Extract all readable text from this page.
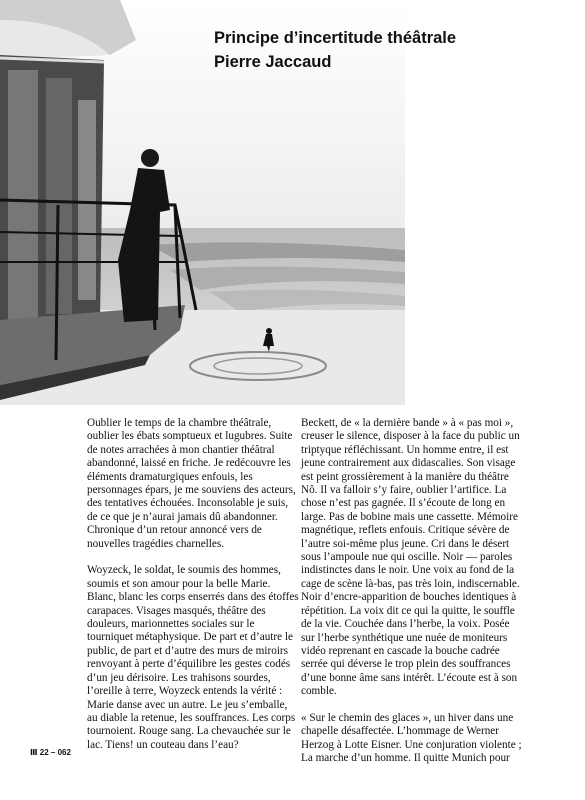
Principe d’incertitude théâtrale
Pierre Jaccaud

Oublier le temps de la chambre théâtrale, oublier les ébats somptueux et lugubres. Suite de notes arrachées à mon chantier théâtral abandonné, laissé en friche. Je redécouvre les éléments dramaturgiques enfouis, les personnages épars, je me souviens des acteurs, des tentatives échouées. Inconsolable je suis, de ce que je n’aurai jamais dû abandonner. Chronique d’un retour annoncé vers de nouvelles tragédies charnelles.

Woyzeck, le soldat, le soumis des hommes, soumis et son amour pour la belle Marie. Blanc, blanc les corps enserrés dans des étoffes carapaces. Visages masqués, théâtre des douleurs, marionnettes sociales sur le tourniquet métaphysique. De part et d’autre le public, de part et d’autre des murs de miroirs renvoyant à perte d’équilibre les gestes codés d’un jeu dérisoire. Les trahisons sourdes, l’oreille à terre, Woyzeck entends la vérité : Marie danse avec un autre. Le jeu s’emballe, au diable la retenue, les souffrances. Les corps tournoient. Rouge sang. La chevauchée sur le lac. Tiens! un couteau dans l’eau?

Beckett, de « la dernière bande » à « pas moi », creuser le silence, disposer à la face du public un triptyque réfléchissant. Un homme entre, il est jeune contrairement aux didascalies. Son visage est peint grossièrement à la manière du théâtre Nô. Il va falloir s’y faire, oublier l’artifice. La chose n’est pas gagnée. Il s’écoute de long en large. Pas de bobine mais une cassette. Mémoire magnétique, reflets enfouis. Critique sévère de l’autre soi-même plus jeune. Cri dans le désert sous l’ampoule nue qui oscille. Noir — paroles indistinctes dans le noir. Une voix au fond de la cage de scène là-bas, pas très loin, indiscernable. Noir d’encre-apparition de bouches identiques à répétition. La voix dit ce qui la quitte, le souffle de la vie. Couchée dans l’herbe, la voix. Posée sur l’herbe synthétique une nuée de moniteurs vidéo reprenant en cascade la bouche cadrée serrée qui déverse le trop plein des souffrances d’une bonne âme sans intérêt. L’écoute est à son comble.

« Sur le chemin des glaces », un hiver dans une chapelle désaffectée. L’hommage de Werner Herzog à Lotte Eisner. Une conjuration violente ; La marche d’un homme. Il quitte Munich pour

Ⅲ 22 – 062
